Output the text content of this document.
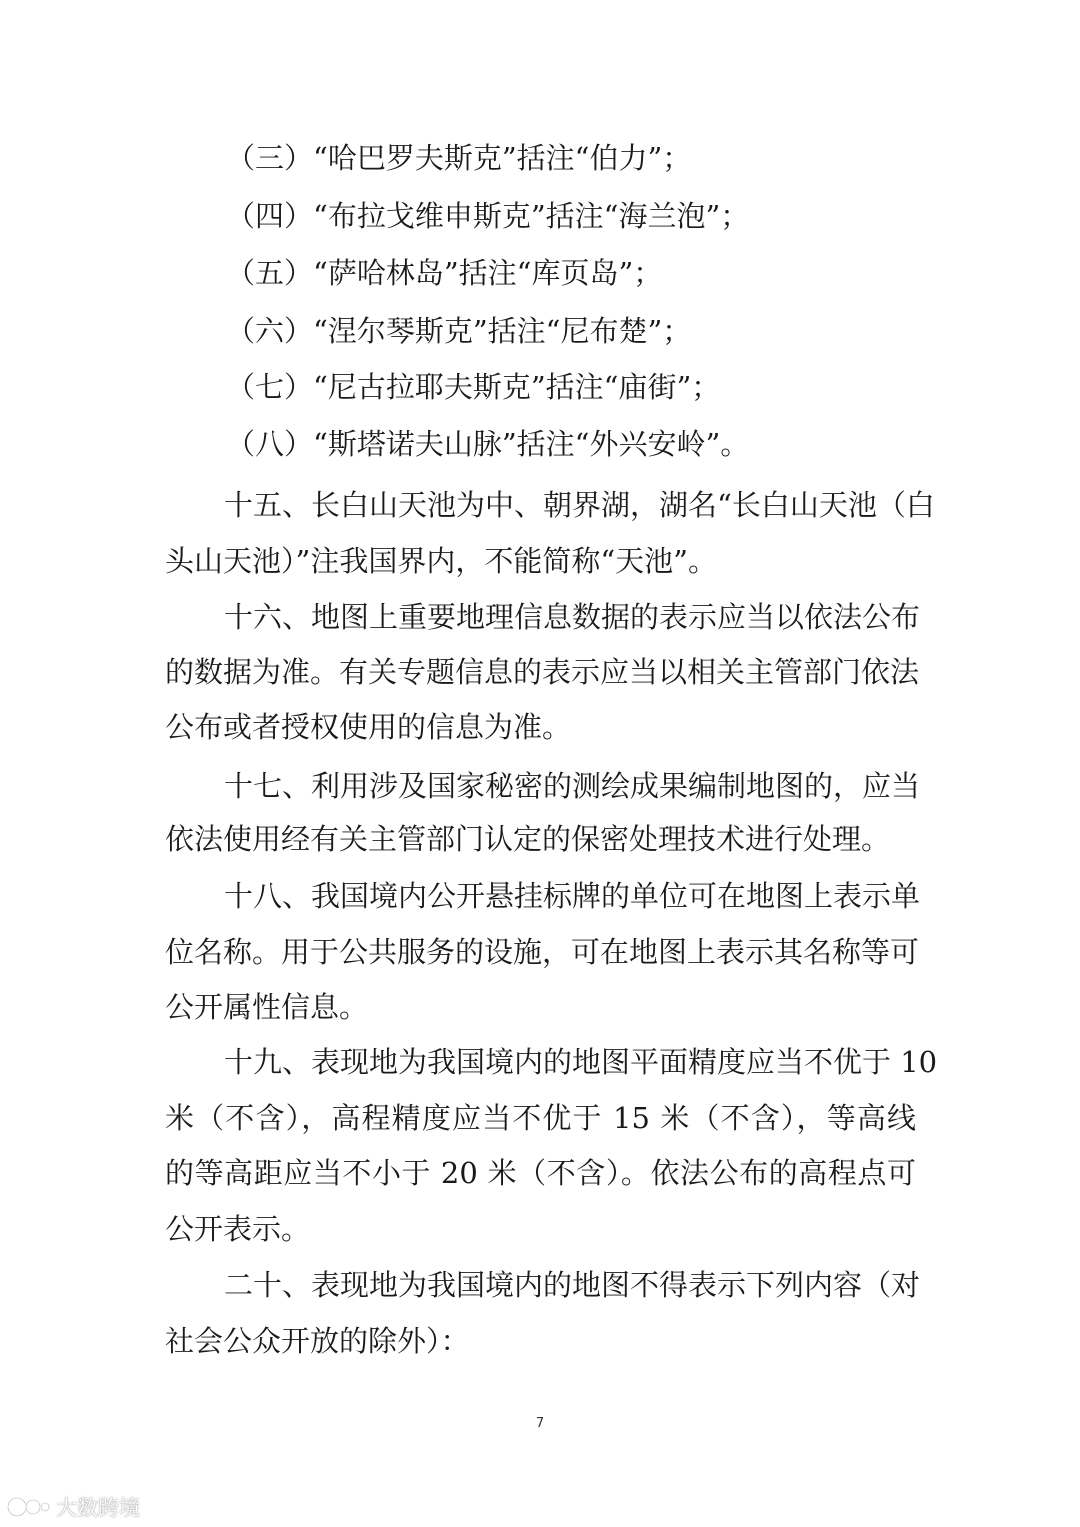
（三）“哈巴罗夫斯克”括注“伯力”；
（四）“布拉戈维申斯克”括注“海兰泡”；
（五）“萨哈林岛”括注“库页岛”；
（六）“涅尔琴斯克”括注“尼布楚”；
（七）“尼古拉耶夫斯克”括注“庙街”；
（八）“斯塔诺夫山脉”括注“外兴安岭”。
十五、长白山天池为中、朝界湖，湖名“长白山天池（白
头山天池）”注我国界内，不能简称“天池”。
十六、地图上重要地理信息数据的表示应当以依法公布
的数据为准。有关专题信息的表示应当以相关主管部门依法
公布或者授权使用的信息为准。
十七、利用涉及国家秘密的测绘成果编制地图的，应当
依法使用经有关主管部门认定的保密处理技术进行处理。
十八、我国境内公开悬挂标牌的单位可在地图上表示单
位名称。用于公共服务的设施，可在地图上表示其名称等可
公开属性信息。
十九、表现地为我国境内的地图平面精度应当不优于 10
米（不含），高程精度应当不优于 15 米（不含），等高线
的等高距应当不小于 20 米（不含）。依法公布的高程点可
公开表示。
二十、表现地为我国境内的地图不得表示下列内容（对
社会公众开放的除外）：
7
大数跨境
